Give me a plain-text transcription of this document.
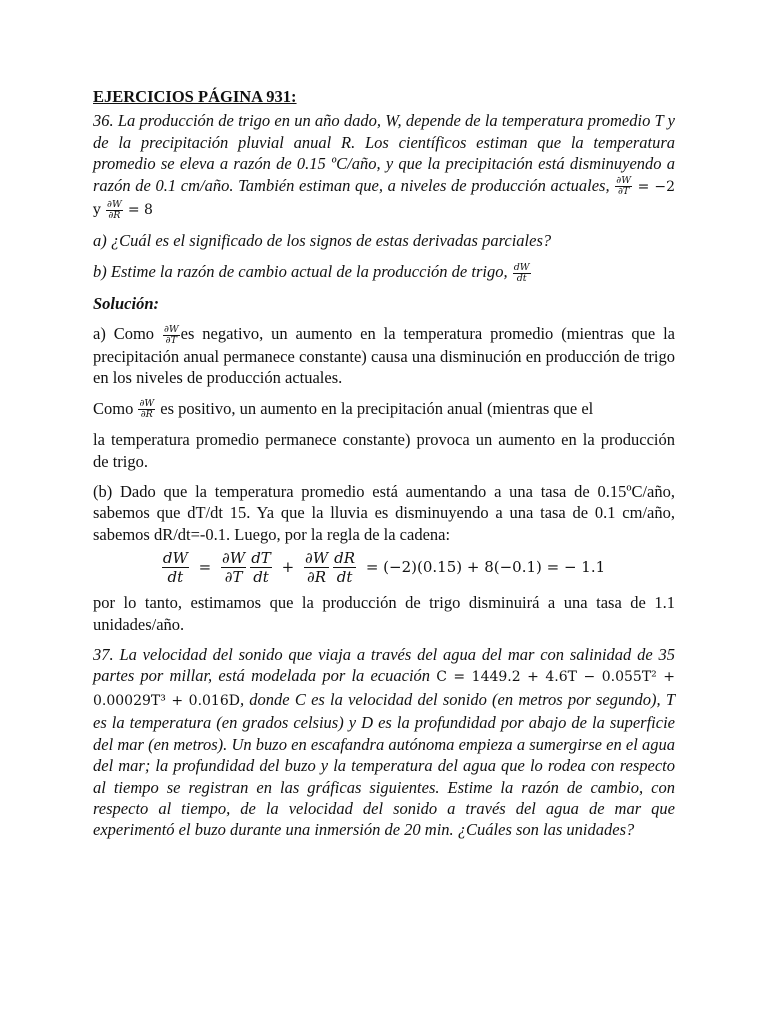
EJERCICIOS PÁGINA 931:

36. La producción de trigo en un año dado, W, depende de la temperatura promedio T y de la precipitación pluvial anual R. Los científicos estiman que la temperatura promedio se eleva a razón de 0.15 ºC/año, y que la precipitación está disminuyendo a razón de 0.1 cm/año. También estiman que, a niveles de producción actuales, $\frac{\partial W}{\partial T} = -2$ y $\frac{\partial W}{\partial R} = 8$

a) ¿Cuál es el significado de los signos de estas derivadas parciales?

b) Estime la razón de cambio actual de la producción de trigo, $\frac{dW}{dt}$

Solución:

a) Como $\frac{\partial W}{\partial T}$ es negativo, un aumento en la temperatura promedio (mientras que la precipitación anual permanece constante) causa una disminución en producción de trigo en los niveles de producción actuales.

Como $\frac{\partial W}{\partial R}$ es positivo, un aumento en la precipitación anual (mientras que el

la temperatura promedio permanece constante) provoca un aumento en la producción de trigo.

(b) Dado que la temperatura promedio está aumentando a una tasa de 0.15ºC/año, sabemos que dT/dt 15. Ya que la lluvia es disminuyendo a una tasa de 0.1 cm/año, sabemos dR/dt=-0.1. Luego, por la regla de la cadena:

$\frac{dW}{dt} = \frac{\partial W}{\partial T} \frac{dT}{dt} + \frac{\partial W}{\partial R} \frac{dR}{dt} = (-2)(0.15) + 8(-0.1)$ = − 1.1

por lo tanto, estimamos que la producción de trigo disminuirá a una tasa de 1.1 unidades/año.

37. La velocidad del sonido que viaja a través del agua del mar con salinidad de 35 partes por millar, está modelada por la ecuación C = 1449.2 + 4.6T − 0.055T² + 0.00029T³ + 0.016D, donde C es la velocidad del sonido (en metros por segundo), T es la temperatura (en grados celsius) y D es la profundidad por abajo de la superficie del mar (en metros). Un buzo en escafandra autónoma empieza a sumergirse en el agua del mar; la profundidad del buzo y la temperatura del agua que lo rodea con respecto al tiempo se registran en las gráficas siguientes. Estime la razón de cambio, con respecto al tiempo, de la velocidad del sonido a través del agua de mar que experimentó el buzo durante una inmersión de 20 min. ¿Cuáles son las unidades?
